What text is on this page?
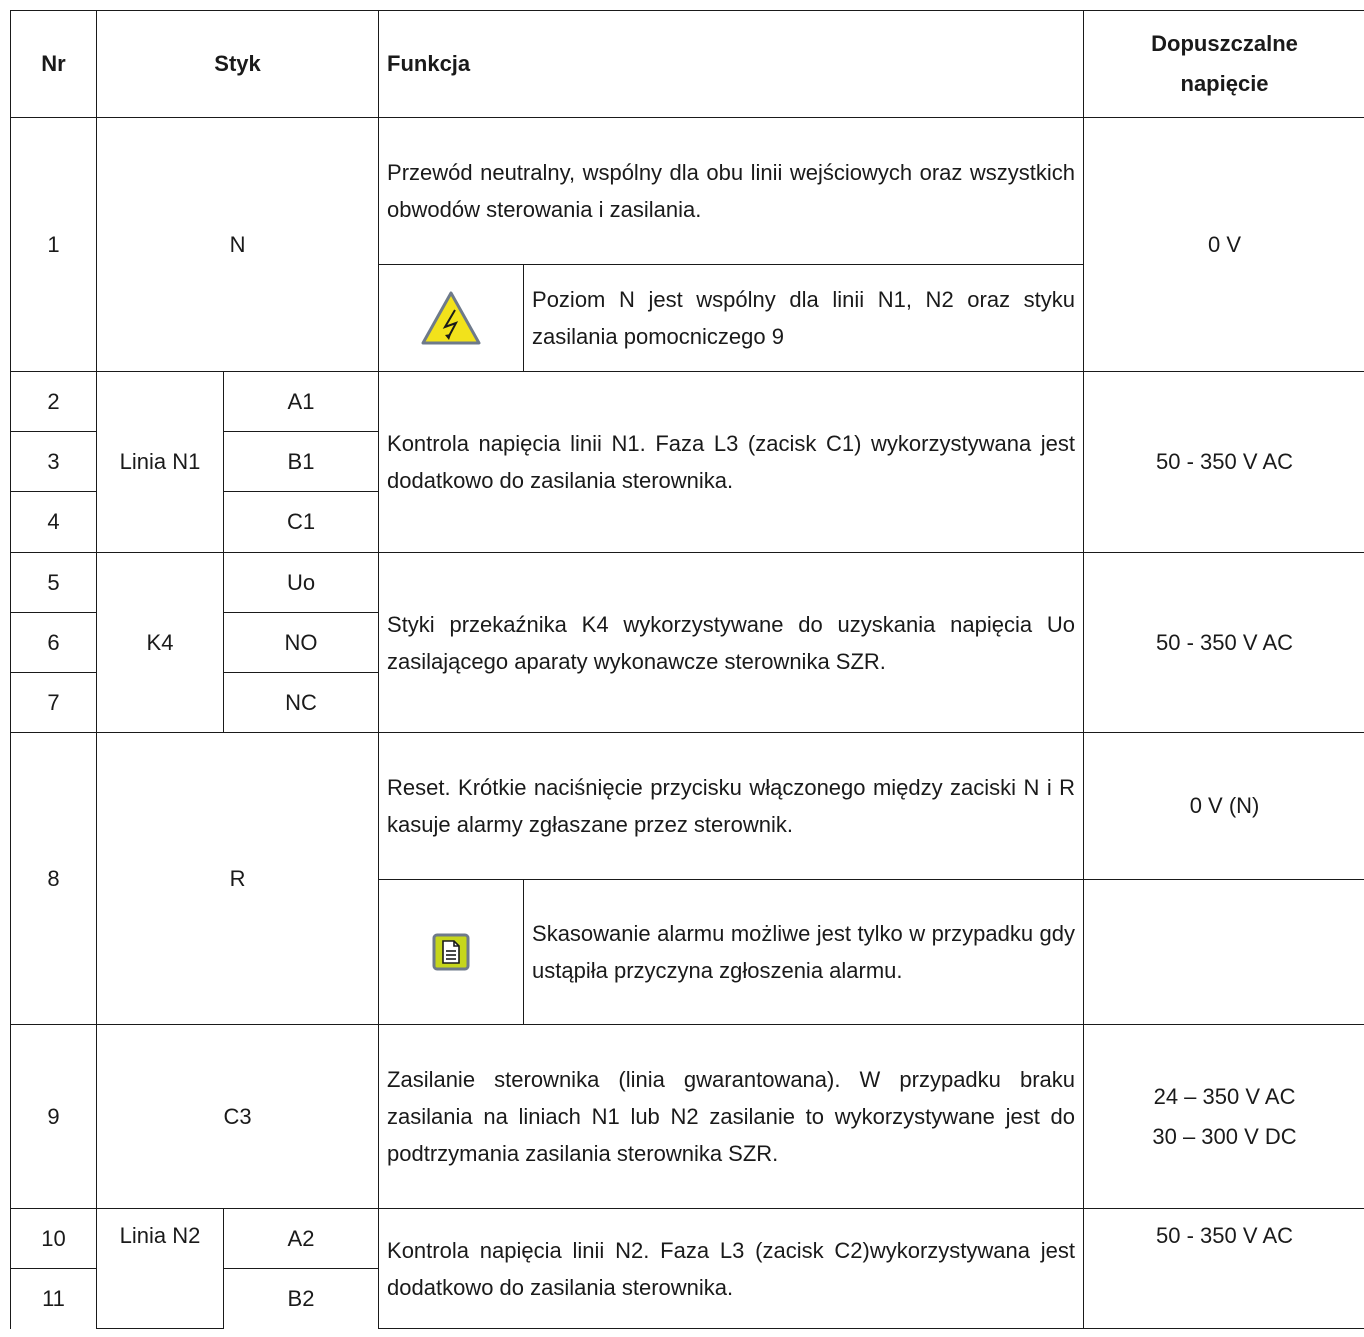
Nr	Styk		Funkcja		Dopuszczalne
napięcie

1	N		Przewód neutralny, wspólny dla obu linii wejściowych oraz wszystkich obwodów sterowania i zasilania.		0 V
	Poziom N jest wspólny dla linii N1, N2 oraz styku zasilania pomocniczego 9	
2	Linia N1	A1	Kontrola napięcia linii N1. Faza L3 (zacisk C1) wykorzystywana jest dodatkowo do zasilania sterownika.		50 - 350 V AC
3		B1			
4		C1			
5	K4	Uo	Styki przekaźnika K4 wykorzystywane do uzyskania napięcia Uo zasilającego aparaty wykonawcze sterownika SZR.		50 - 350 V AC
6		NO			
7		NC			
8	R		Reset. Krótkie naciśnięcie przycisku włączonego między zaciski N i R kasuje alarmy zgłaszane przez sterownik.		0 V (N)
	Skasowanie alarmu możliwe jest tylko w przypadku gdy ustąpiła przyczyna zgłoszenia alarmu.	
9	C3		Zasilanie sterownika (linia gwarantowana). W przypadku braku zasilania na liniach N1 lub N2 zasilanie to wykorzystywane jest do podtrzymania zasilania sterownika SZR.		24 – 350 V AC
30 – 300 V DC

10	Linia N2	A2	Kontrola napięcia linii N2. Faza L3 (zacisk C2)wykorzystywana jest dodatkowo do zasilania sterownika.		50 - 350 V AC
11		B2			
